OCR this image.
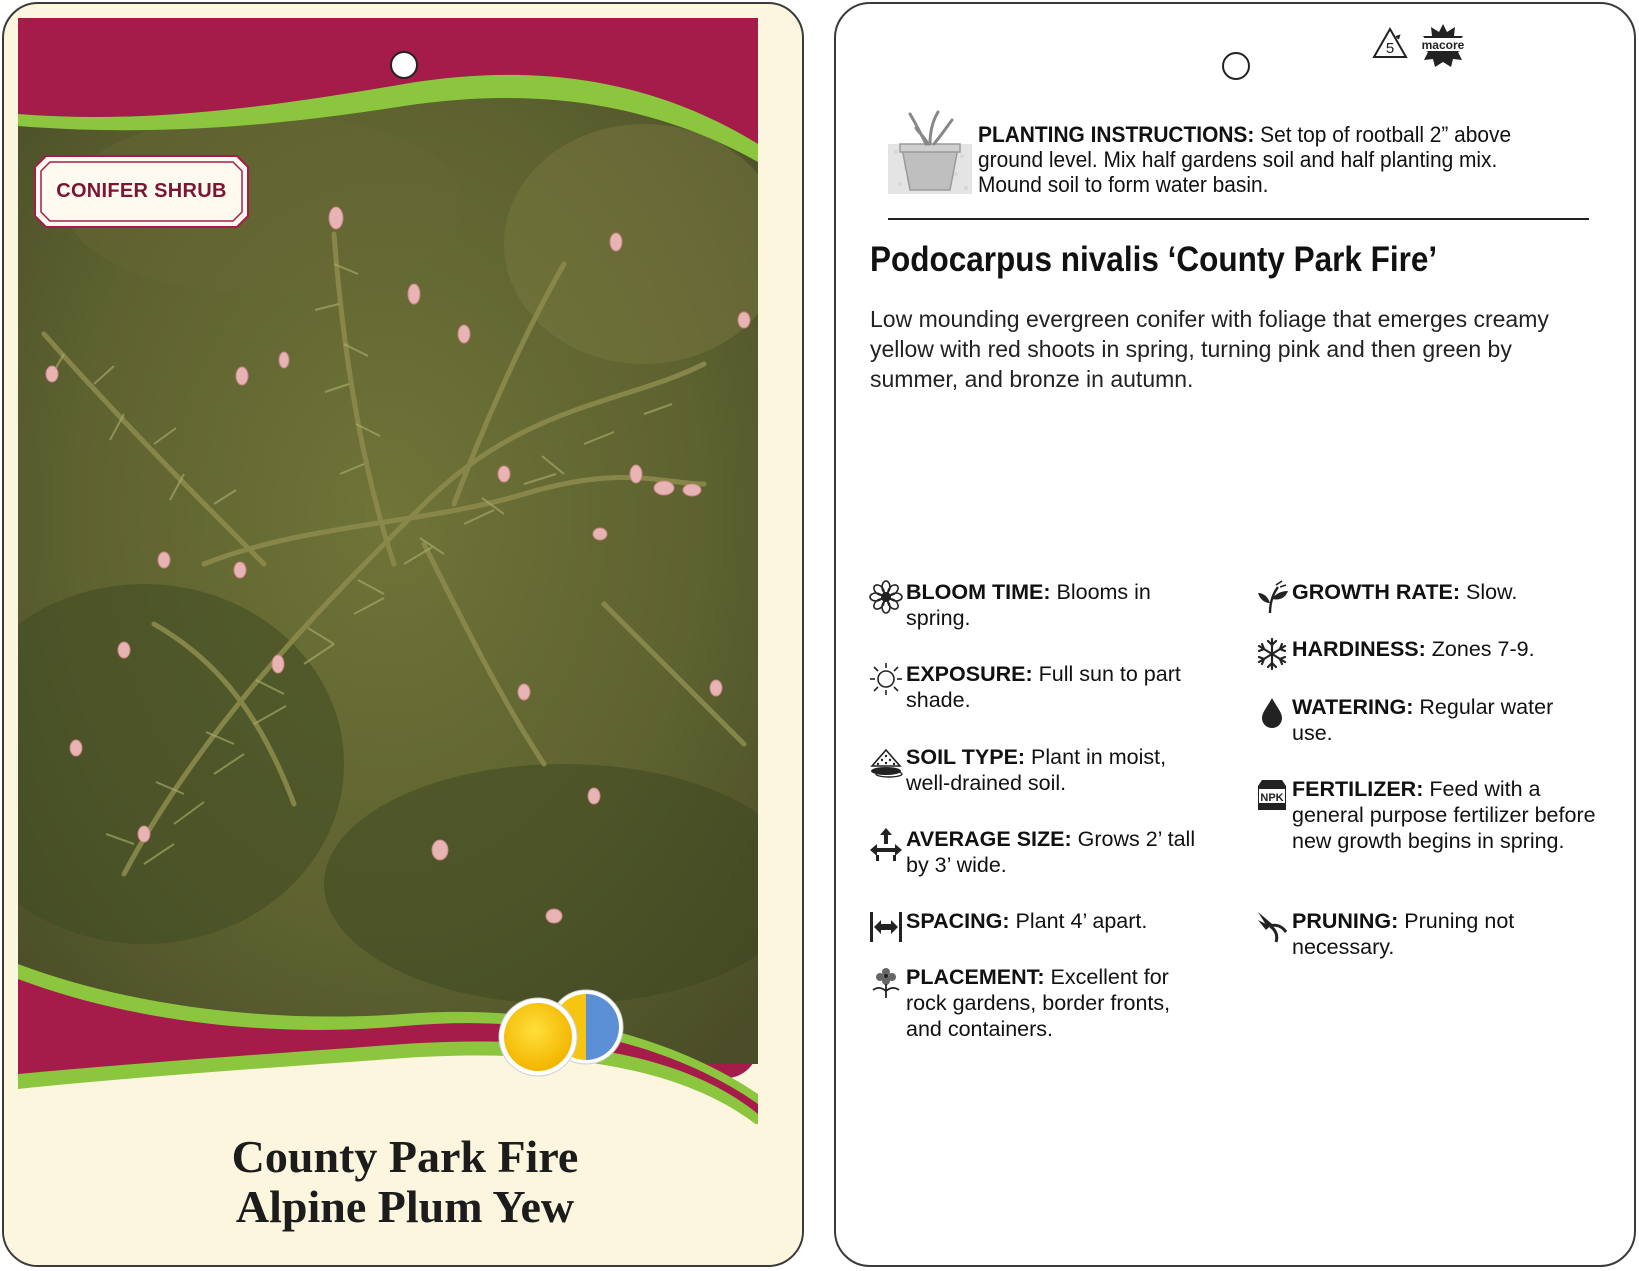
CONIFER SHRUB
County Park Fire
Alpine Plum Yew
5 macore
PLANTING INSTRUCTIONS: Set top of rootball 2” above ground level. Mix half gardens soil and half planting mix. Mound soil to form water basin.
Podocarpus nivalis ‘County Park Fire’
Low mounding evergreen conifer with foliage that emerges creamy yellow with red shoots in spring, turning pink and then green by summer, and bronze in autumn.
BLOOM TIME: Blooms in spring.
EXPOSURE: Full sun to part shade.
SOIL TYPE: Plant in moist, well-drained soil.
AVERAGE SIZE: Grows 2’ tall by 3’ wide.
SPACING: Plant 4’ apart.
PLACEMENT: Excellent for rock gardens, border fronts, and containers.
GROWTH RATE: Slow.
HARDINESS: Zones 7-9.
WATERING: Regular water use.
NPK FERTILIZER: Feed with a general purpose fertilizer before new growth begins in spring.
PRUNING: Pruning not necessary.
